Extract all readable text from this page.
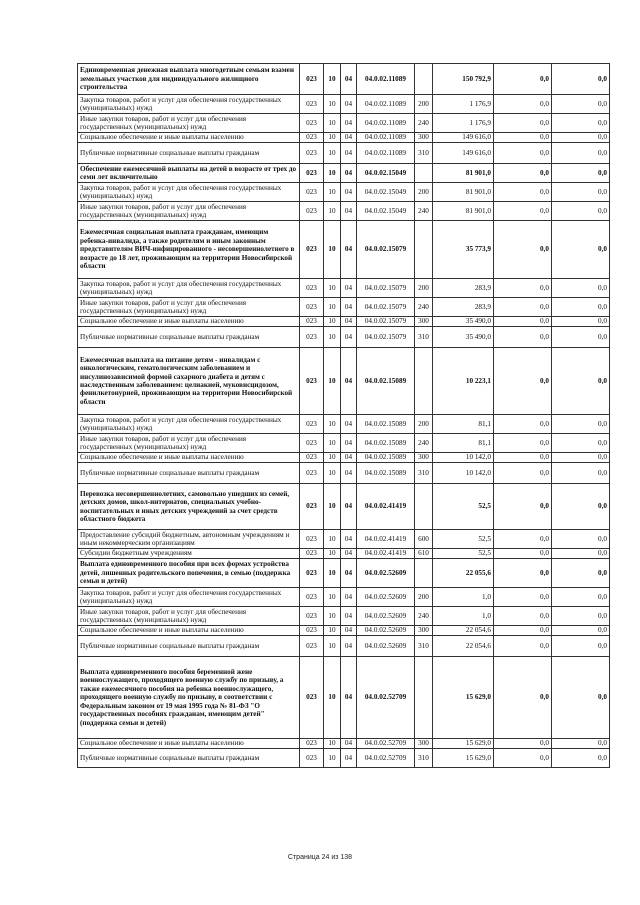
Единовременная денежная выплата многодетным семьям взамен земельных участков для индивидуального жилищного строительства	023	10	04	04.0.02.11089		150 792,9	0,0	0,0
Закупка товаров, работ и услуг для обеспечения государственных (муниципальных) нужд	023	10	04	04.0.02.11089	200	1 176,9	0,0	0,0
Иные закупки товаров, работ и услуг для обеспечения государственных (муниципальных) нужд	023	10	04	04.0.02.11089	240	1 176,9	0,0	0,0
Социальное обеспечение и иные выплаты населению	023	10	04	04.0.02.11089	300	149 616,0	0,0	0,0
Публичные нормативные социальные выплаты гражданам	023	10	04	04.0.02.11089	310	149 616,0	0,0	0,0
Обеспечение ежемесячной выплаты на детей в возрасте от трех до семи лет включительно	023	10	04	04.0.02.15049		81 901,0	0,0	0,0
Закупка товаров, работ и услуг для обеспечения государственных (муниципальных) нужд	023	10	04	04.0.02.15049	200	81 901,0	0,0	0,0
Иные закупки товаров, работ и услуг для обеспечения государственных (муниципальных) нужд	023	10	04	04.0.02.15049	240	81 901,0	0,0	0,0
Ежемесячная социальная выплата гражданам, имеющим ребенка-инвалида, а также родителям и иным законным представителям ВИЧ-инфицированного - несовершеннолетнего в возрасте до 18 лет, проживающим на территории Новосибирской области	023	10	04	04.0.02.15079		35 773,9	0,0	0,0
Закупка товаров, работ и услуг для обеспечения государственных (муниципальных) нужд	023	10	04	04.0.02.15079	200	283,9	0,0	0,0
Иные закупки товаров, работ и услуг для обеспечения государственных (муниципальных) нужд	023	10	04	04.0.02.15079	240	283,9	0,0	0,0
Социальное обеспечение и иные выплаты населению	023	10	04	04.0.02.15079	300	35 490,0	0,0	0,0
Публичные нормативные социальные выплаты гражданам	023	10	04	04.0.02.15079	310	35 490,0	0,0	0,0
Ежемесячная выплата на питание детям - инвалидам с онкологическим, гематологическим заболеванием и инсулинозависимой формой сахарного диабета и детям с наследственным заболеванием: целиакией, муковисцидозом, фенилкетонурией, проживающим на территории Новосибирской области	023	10	04	04.0.02.15089		10 223,1	0,0	0,0
Закупка товаров, работ и услуг для обеспечения государственных (муниципальных) нужд	023	10	04	04.0.02.15089	200	81,1	0,0	0,0
Иные закупки товаров, работ и услуг для обеспечения государственных (муниципальных) нужд	023	10	04	04.0.02.15089	240	81,1	0,0	0,0
Социальное обеспечение и иные выплаты населению	023	10	04	04.0.02.15089	300	10 142,0	0,0	0,0
Публичные нормативные социальные выплаты гражданам	023	10	04	04.0.02.15089	310	10 142,0	0,0	0,0
Перевозка несовершеннолетних, самовольно ушедших из семей, детских домов, школ-интернатов, специальных учебно-воспитательных и иных детских учреждений за счет средств областного бюджета	023	10	04	04.0.02.41419		52,5	0,0	0,0
Предоставление субсидий бюджетным, автономным учреждениям и иным некоммерческим организациям	023	10	04	04.0.02.41419	600	52,5	0,0	0,0
Субсидии бюджетным учреждениям	023	10	04	04.0.02.41419	610	52,5	0,0	0,0
Выплата единовременного пособия при всех формах устройства детей, лишенных родительского попечения, в семью (поддержка семьи и детей)	023	10	04	04.0.02.52609		22 055,6	0,0	0,0
Закупка товаров, работ и услуг для обеспечения государственных (муниципальных) нужд	023	10	04	04.0.02.52609	200	1,0	0,0	0,0
Иные закупки товаров, работ и услуг для обеспечения государственных (муниципальных) нужд	023	10	04	04.0.02.52609	240	1,0	0,0	0,0
Социальное обеспечение и иные выплаты населению	023	10	04	04.0.02.52609	300	22 054,6	0,0	0,0
Публичные нормативные социальные выплаты гражданам	023	10	04	04.0.02.52609	310	22 054,6	0,0	0,0
Выплата единовременного пособия беременной жене военнослужащего, проходящего военную службу по призыву, а также ежемесячного пособия на ребенка военнослужащего, проходящего военную службу по призыву, в соответствии с Федеральным законом от 19 мая 1995 года № 81-ФЗ "О государственных пособиях гражданам, имеющим детей" (поддержка семьи и детей)	023	10	04	04.0.02.52709		15 629,0	0,0	0,0
Социальное обеспечение и иные выплаты населению	023	10	04	04.0.02.52709	300	15 629,0	0,0	0,0
Публичные нормативные социальные выплаты гражданам	023	10	04	04.0.02.52709	310	15 629,0	0,0	0,0
Страница 24 из 138
